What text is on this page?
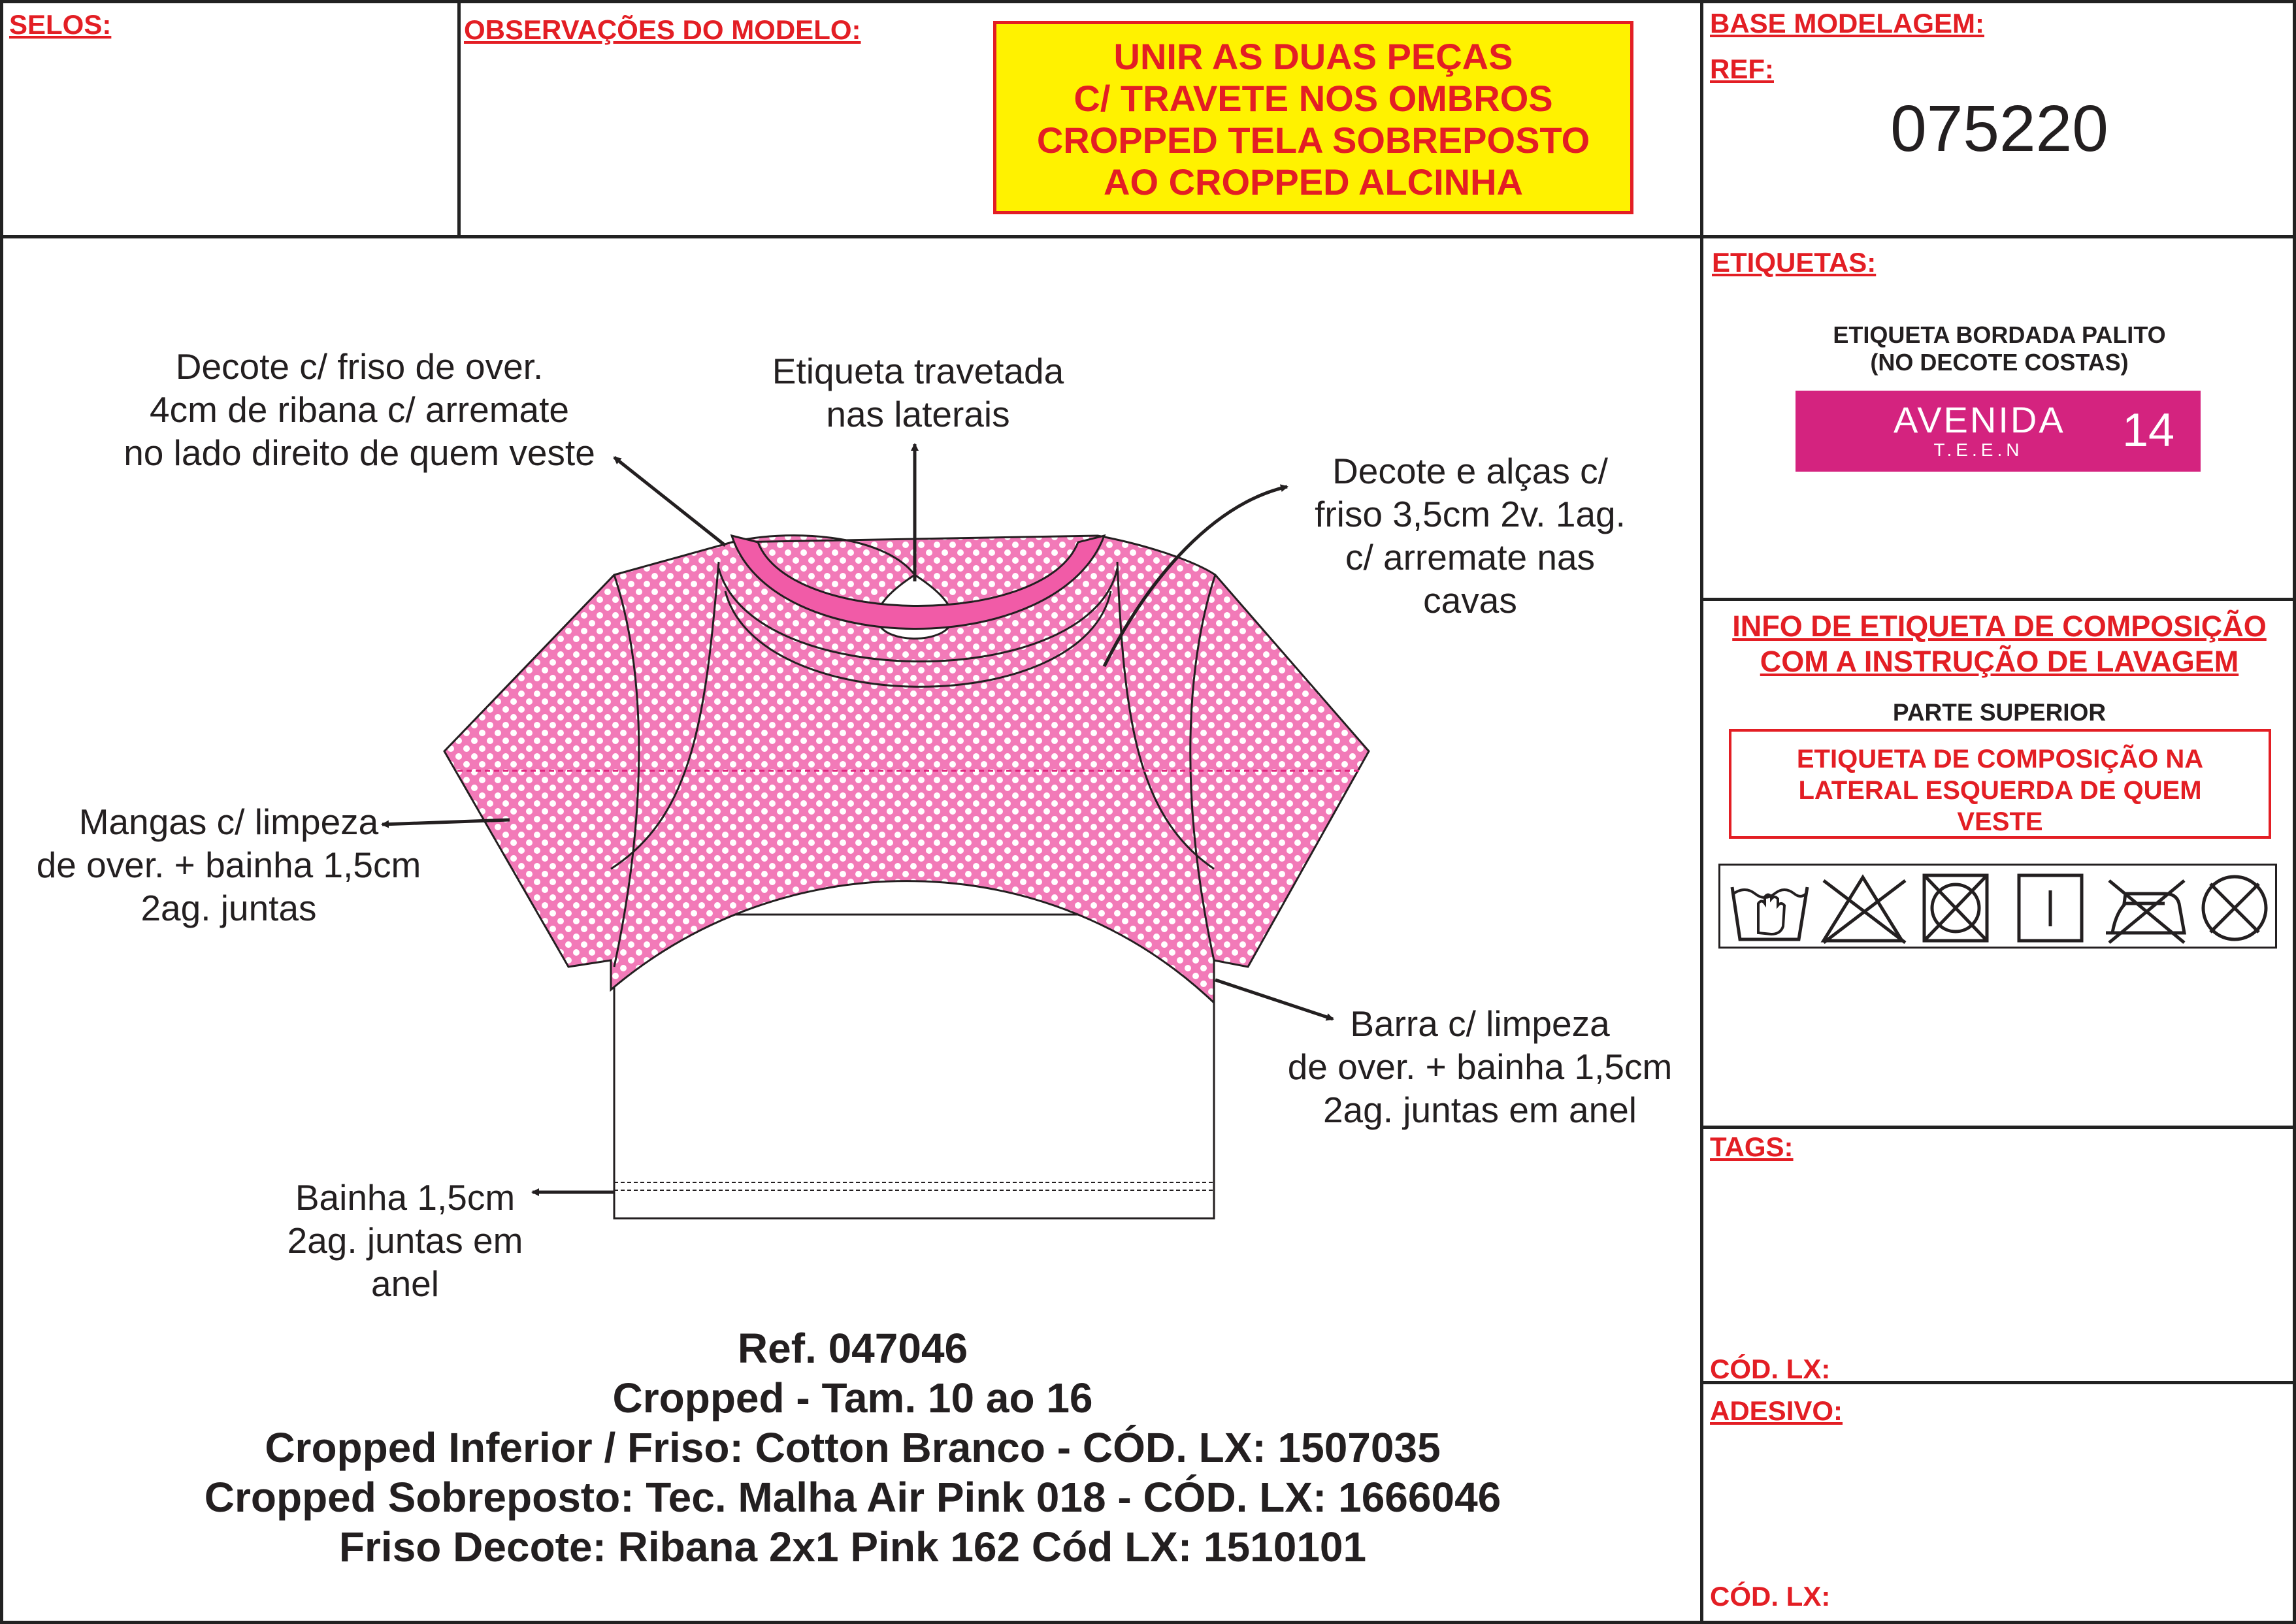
SELOS:	OBSERVAÇÕES DO MODELO:
UNIR AS DUAS PEÇAS
C/ TRAVETE NOS OMBROS
CROPPED TELA SOBREPOSTO
AO CROPPED ALCINHA
BASE MODELAGEM:
REF:
075220
Decote c/ friso de over.
4cm de ribana c/ arremate
no lado direito de quem veste
Etiqueta travetada
nas laterais
Decote e alças c/
friso 3,5cm 2v. 1ag.
c/ arremate nas
cavas
Mangas c/ limpeza
de over. + bainha 1,5cm
2ag. juntas
Barra c/ limpeza
de over. + bainha 1,5cm
2ag. juntas em anel
Bainha 1,5cm
2ag. juntas em
anel
Ref. 047046
Cropped - Tam. 10 ao 16
Cropped Inferior / Friso: Cotton Branco - CÓD. LX: 1507035
Cropped Sobreposto: Tec. Malha Air Pink 018 - CÓD. LX: 1666046
Friso Decote: Ribana 2x1 Pink 162 Cód LX: 1510101
ETIQUETAS:
ETIQUETA BORDADA PALITO
(NO DECOTE COSTAS)
AVENIDA
T.E.E.N	14
INFO DE ETIQUETA DE COMPOSIÇÃO
COM A INSTRUÇÃO DE LAVAGEM
PARTE SUPERIOR
ETIQUETA DE COMPOSIÇÃO NA
LATERAL ESQUERDA DE QUEM
VESTE
TAGS:
CÓD. LX:
ADESIVO:
CÓD. LX:
